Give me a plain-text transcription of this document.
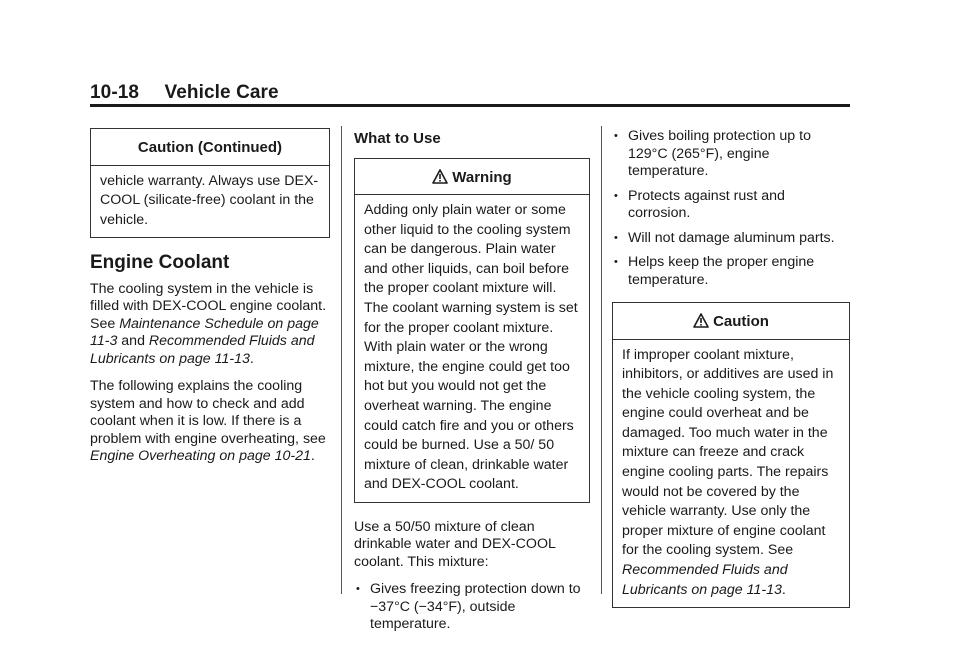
10-18 Vehicle Care
Caution (Continued)
vehicle warranty. Always use DEX-COOL (silicate-free) coolant in the vehicle.
Engine Coolant

The cooling system in the vehicle is filled with DEX-COOL engine coolant. See Maintenance Schedule on page 11-3 and Recommended Fluids and Lubricants on page 11-13.

The following explains the cooling system and how to check and add coolant when it is low. If there is a problem with engine overheating, see Engine Overheating on page 10-21.

What to Use
Warning
Adding only plain water or some other liquid to the cooling system can be dangerous. Plain water and other liquids, can boil before the proper coolant mixture will. The coolant warning system is set for the proper coolant mixture. With plain water or the wrong mixture, the engine could get too hot but you would not get the overheat warning. The engine could catch fire and you or others could be burned. Use a 50/ 50 mixture of clean, drinkable water and DEX-COOL coolant.

Use a 50/50 mixture of clean drinkable water and DEX-COOL coolant. This mixture:

• Gives freezing protection down to −37°C (−34°F), outside temperature.
• Gives boiling protection up to 129°C (265°F), engine temperature.
• Protects against rust and corrosion.
• Will not damage aluminum parts.
• Helps keep the proper engine temperature.
Caution
If improper coolant mixture, inhibitors, or additives are used in the vehicle cooling system, the engine could overheat and be damaged. Too much water in the mixture can freeze and crack engine cooling parts. The repairs would not be covered by the vehicle warranty. Use only the proper mixture of engine coolant for the cooling system. See Recommended Fluids and Lubricants on page 11-13.
